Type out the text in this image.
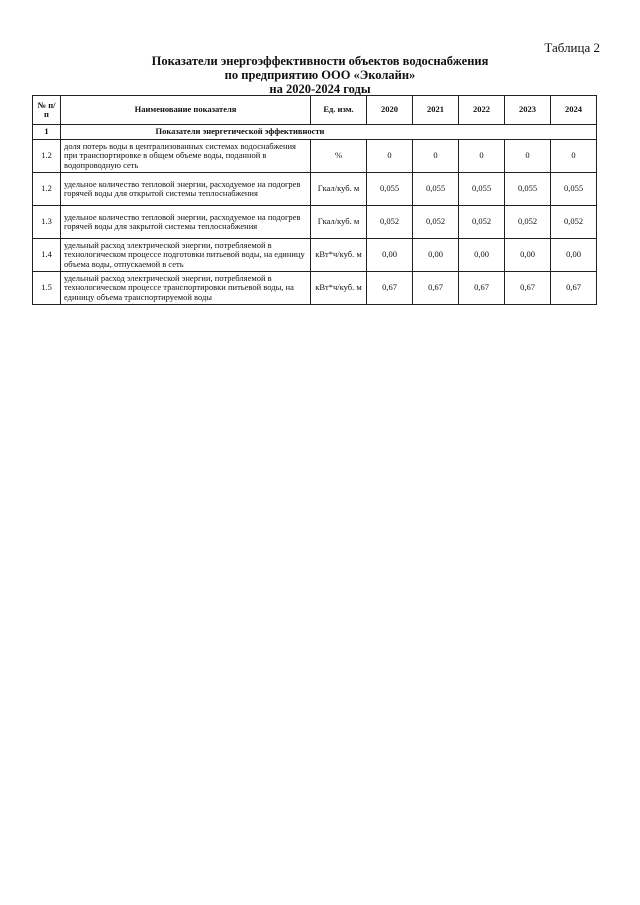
Таблица 2
Показатели энергоэффективности объектов водоснабжения
по предприятию ООО «Эколайн»
на 2020-2024 годы
№ п/п	Наименование показателя	Ед. изм.	2020	2021	2022	2023	2024
1	Показатели энергетической эффективности						
1.2	доля потерь воды в централизованных системах водоснабжения при транспортировке в общем объеме воды, поданной в водопроводную сеть	%	0	0	0	0	0
1.2	удельное количество тепловой энергии, расходуемое на подогрев горячей воды для открытой системы теплоснабжения	Гкал/куб. м	0,055	0,055	0,055	0,055	0,055
1.3	удельное количество тепловой энергии, расходуемое на подогрев горячей воды для закрытой системы теплоснабжения	Гкал/куб. м	0,052	0,052	0,052	0,052	0,052
1.4	удельный расход электрической энергии, потребляемой в технологическом процессе подготовки питьевой воды, на единицу объема воды, отпускаемой в сеть	кВт*ч/куб. м	0,00	0,00	0,00	0,00	0,00
1.5	удельный расход электрической энергии, потребляемой в технологическом процессе транспортировки питьевой воды, на единицу объема транспортируемой воды	кВт*ч/куб. м	0,67	0,67	0,67	0,67	0,67
